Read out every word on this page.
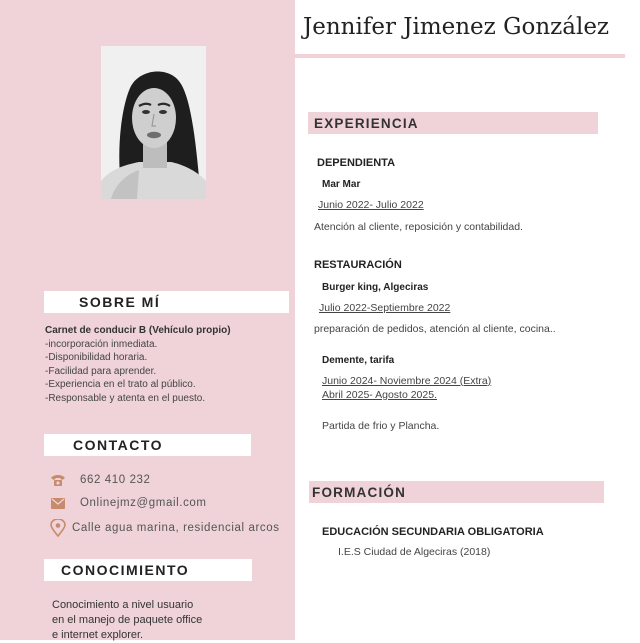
SOBRE MÍ
Carnet de conducir B (Vehículo propio)
-incorporación inmediata.
-Disponibilidad horaria.
-Facilidad para aprender.
-Experiencia en el trato al público.
-Responsable y atenta en el puesto.
CONTACTO
662 410 232
Onlinejmz@gmail.com
Calle agua marina, residencial arcos
CONOCIMIENTO
Conocimiento a nivel usuario
en el manejo de paquete office
e internet explorer.
Jennifer Jimenez González
EXPERIENCIA
DEPENDIENTA
Mar Mar
Junio 2022- Julio 2022
Atención al cliente, reposición y contabilidad.
RESTAURACIÓN
Burger king, Algeciras
Julio 2022-Septiembre 2022
preparación de pedidos, atención al cliente, cocina..
Demente, tarifa
Junio 2024- Noviembre 2024 (Extra)
Abril 2025- Agosto 2025.
Partida de frio y Plancha.
FORMACIÓN
EDUCACIÓN SECUNDARIA OBLIGATORIA
I.E.S Ciudad de Algeciras (2018)
